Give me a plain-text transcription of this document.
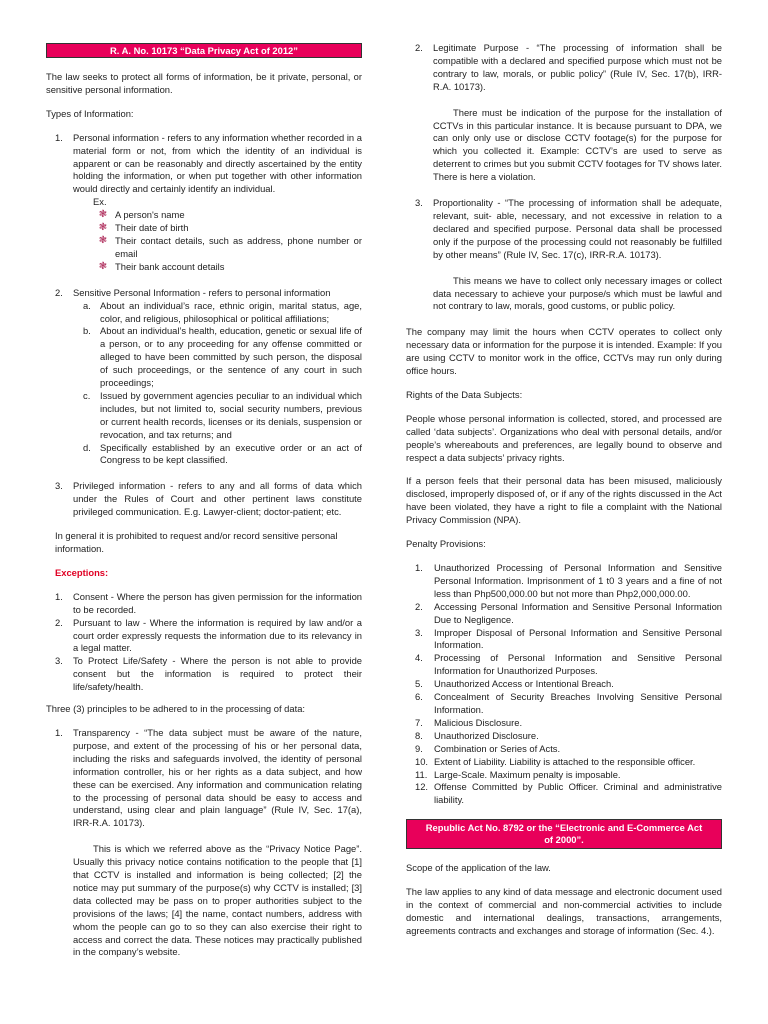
R. A. No. 10173 “Data Privacy Act of 2012”

The law seeks to protect all forms of information, be it private, personal, or sensitive personal information.

Types of Information:

1. Personal information - refers to any information whether recorded in a material form or not, from which the identity of an individual is apparent or can be reasonably and directly ascertained by the entity holding the information, or when put together with other information would directly and certainly identify an individual.
Ex.
❃ A person's name
❃ Their date of birth
❃ Their contact details, such as address, phone number or email
❃ Their bank account details
2. Sensitive Personal Information - refers to personal information
a. About an individual’s race, ethnic origin, marital status, age, color, and religious, philosophical or political affiliations;
b. About an individual’s health, education, genetic or sexual life of a person, or to any proceeding for any offense committed or alleged to have been committed by such person, the disposal of such proceedings, or the sentence of any court in such proceedings;
c. Issued by government agencies peculiar to an individual which includes, but not limited to, social security numbers, previous or current health records, licenses or its denials, suspension or revocation, and tax returns; and
d. Specifically established by an executive order or an act of Congress to be kept classified.
3. Privileged information - refers to any and all forms of data which under the Rules of Court and other pertinent laws constitute privileged communication. E.g. Lawyer-client; doctor-patient; etc.

In general it is prohibited to request and/or record sensitive personal information.

Exceptions:

1. Consent - Where the person has given permission for the information to be recorded.
2. Pursuant to law - Where the information is required by law and/or a court order expressly requests the information due to its relevancy in a legal matter.
3. To Protect Life/Safety - Where the person is not able to provide consent but the information is required to protect their life/safety/health.

Three (3) principles to be adhered to in the processing of data:

1. Transparency - “The data subject must be aware of the nature, purpose, and extent of the processing of his or her personal data, including the risks and safeguards involved, the identity of personal information controller, his or her rights as a data subject, and how these can be exercised. Any information and communication relating to the processing of personal data should be easy to access and understand, using clear and plain language” (Rule IV, Sec. 17(a), IRR-R.A. 10173).

This is which we referred above as the “Privacy Notice Page”. Usually this privacy notice contains notification to the people that [1] that CCTV is installed and information is being collected; [2] the notice may put summary of the purpose(s) why CCTV is installed; [3] data collected may be pass on to proper authorities subject to the provisions of the laws; [4] the name, contact numbers, address with whom the people can go to so they can also exercise their right to access and correct the data. These notices may practically published in the company’s website.

2. Legitimate Purpose - “The processing of information shall be compatible with a declared and specified purpose which must not be contrary to law, morals, or public policy” (Rule IV, Sec. 17(b), IRR-R.A. 10173).

There must be indication of the purpose for the installation of CCTVs in this particular instance. It is because pursuant to DPA, we can only only use or disclose CCTV footage(s) for the purpose for which you collected it. Example: CCTV’s are used to serve as deterrent to crimes but you submit CCTV footages for TV shows later. There is here a violation.

3. Proportionality - “The processing of information shall be adequate, relevant, suit- able, necessary, and not excessive in relation to a declared and specified purpose. Personal data shall be processed only if the purpose of the processing could not reasonably be fulfilled by other means” (Rule IV, Sec. 17(c), IRR-R.A. 10173).

This means we have to collect only necessary images or collect data necessary to achieve your purpose/s which must be lawful and not contrary to law, morals, good customs, or public policy.

The company may limit the hours when CCTV operates to collect only necessary data or information for the purpose it is intended. Example: If you are using CCTV to monitor work in the office, CCTVs may run only during office hours.

Rights of the Data Subjects:

People whose personal information is collected, stored, and processed are called ‘data subjects’. Organizations who deal with personal details, and/or people’s whereabouts and preferences, are legally bound to observe and respect a data subjects’ privacy rights.

If a person feels that their personal data has been misused, maliciously disclosed, improperly disposed of, or if any of the rights discussed in the Act have been violated, they have a right to file a complaint with the National Privacy Commission (NPA).

Penalty Provisions:

1. Unauthorized Processing of Personal Information and Sensitive Personal Information. Imprisonment of 1 t0 3 years and a fine of not less than Php500,000.00 but not more than Php2,000,000.00.
2. Accessing Personal Information and Sensitive Personal Information Due to Negligence.
3. Improper Disposal of Personal Information and Sensitive Personal Information.
4. Processing of Personal Information and Sensitive Personal Information for Unauthorized Purposes.
5. Unauthorized Access or Intentional Breach.
6. Concealment of Security Breaches Involving Sensitive Personal Information.
7. Malicious Disclosure.
8. Unauthorized Disclosure.
9. Combination or Series of Acts.
10. Extent of Liability. Liability is attached to the responsible officer.
11. Large-Scale. Maximum penalty is imposable.
12. Offense Committed by Public Officer. Criminal and administrative liability.
Republic Act No. 8792 or the “Electronic and E-Commerce Act of 2000”.

Scope of the application of the law.

The law applies to any kind of data message and electronic document used in the context of commercial and non-commercial activities to include domestic and international dealings, transactions, arrangements, agreements contracts and exchanges and storage of information (Sec. 4.).
